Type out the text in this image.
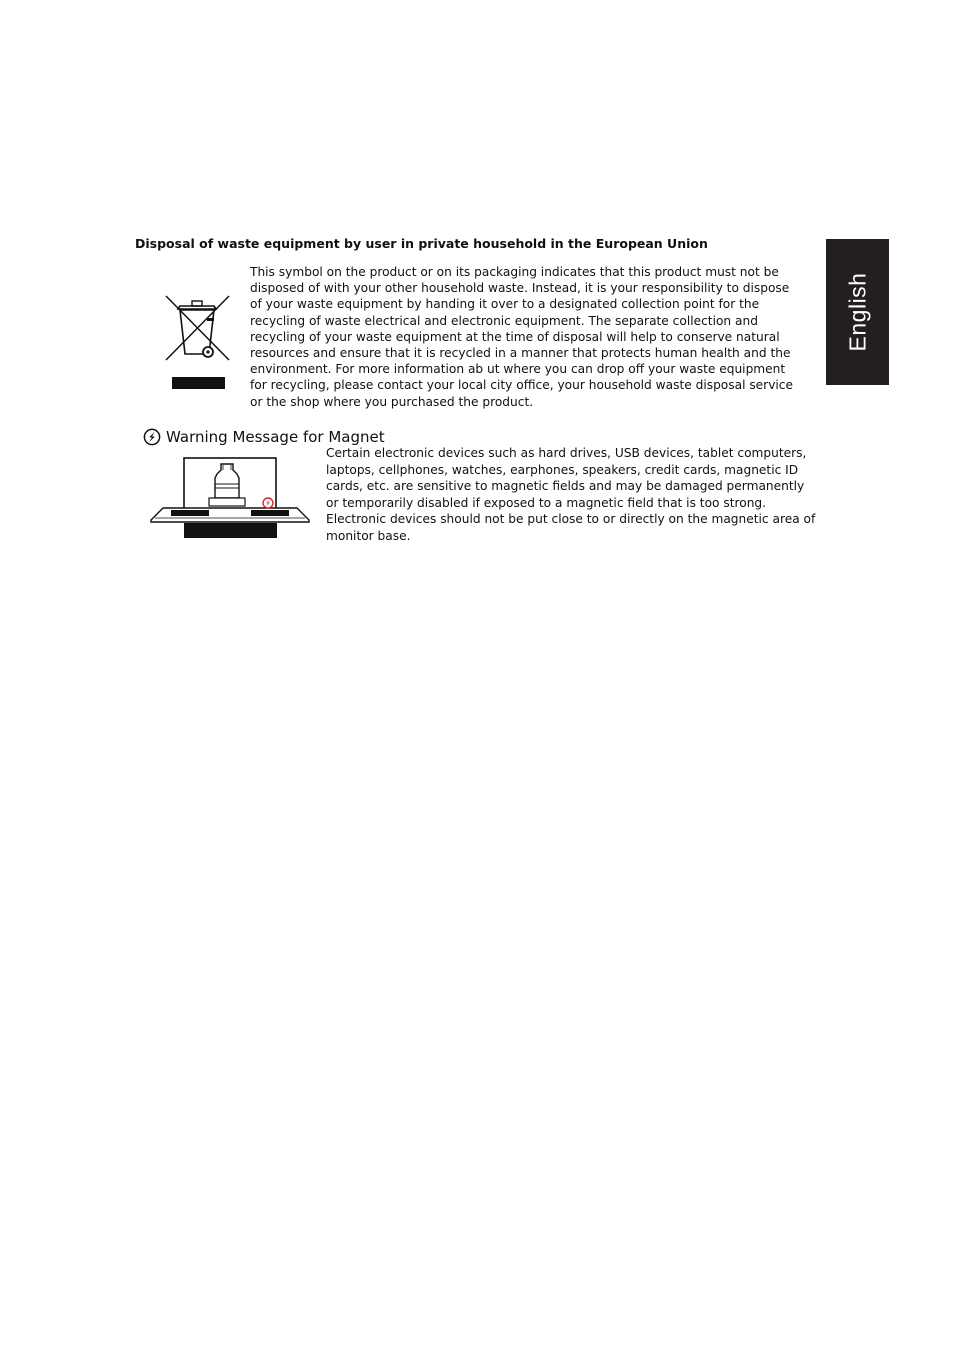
English
Disposal of waste equipment by user in private household in the European Union

This symbol on the product or on its packaging indicates that this product must not be disposed of with your other household waste. Instead, it is your responsibility to dispose of your waste equipment by handing it over to a designated collection point for the recycling of waste electrical and electronic equipment. The separate collection and recycling of your waste equipment at the time of disposal will help to conserve natural resources and ensure that it is recycled in a manner that protects human health and the environment. For more information ab ut where you can drop off your waste equipment for recycling, please contact your local city office, your household waste disposal service or the shop where you purchased the product.

Warning Message for Magnet

Certain electronic devices such as hard drives, USB devices, tablet computers, laptops, cellphones, watches, earphones, speakers, credit cards, magnetic ID cards, etc. are sensitive to magnetic fields and may be damaged permanently or temporarily disabled if exposed to a magnetic field that is too strong. Electronic devices should not be put close to or directly on the magnetic area of monitor base.
